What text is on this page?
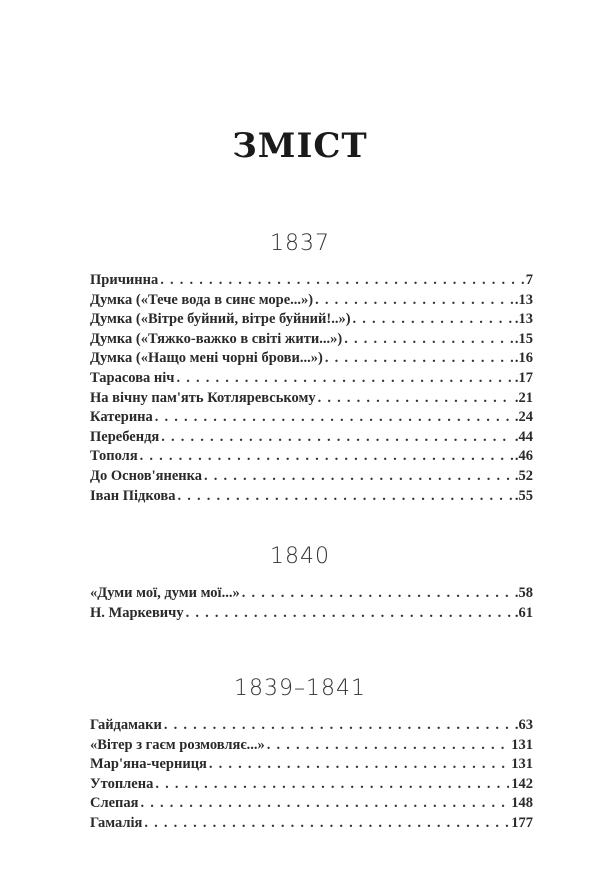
ЗМІСТ
1837
Причинна . . .	7
Думка («Тече вода в синє море...») . . .	.13
Думка («Вітре буйний, вітре буйний!..») . . .	.13
Думка («Тяжко-важко в світі жити...») . . .	.15
Думка («Нащо мені чорні брови...») . . .	.16
Тарасова ніч . . .	.17
На вічну пам'ять Котляревському . . .	.21
Катерина . . .	.24
Перебендя . . .	.44
Тополя . . .	.46
До Основ'яненка . . .	.52
Іван Підкова . . .	.55
1840
«Думи мої, думи мої...» . . .	.58
Н. Маркевичу . . .	.61
1839–1841
Гайдамаки . . .	.63
«Вітер з гаєм розмовляє...» . . .	131
Мар'яна-черниця . . .	131
Утоплена . . .	142
Слепая . . .	148
Гамалія . . .	177
